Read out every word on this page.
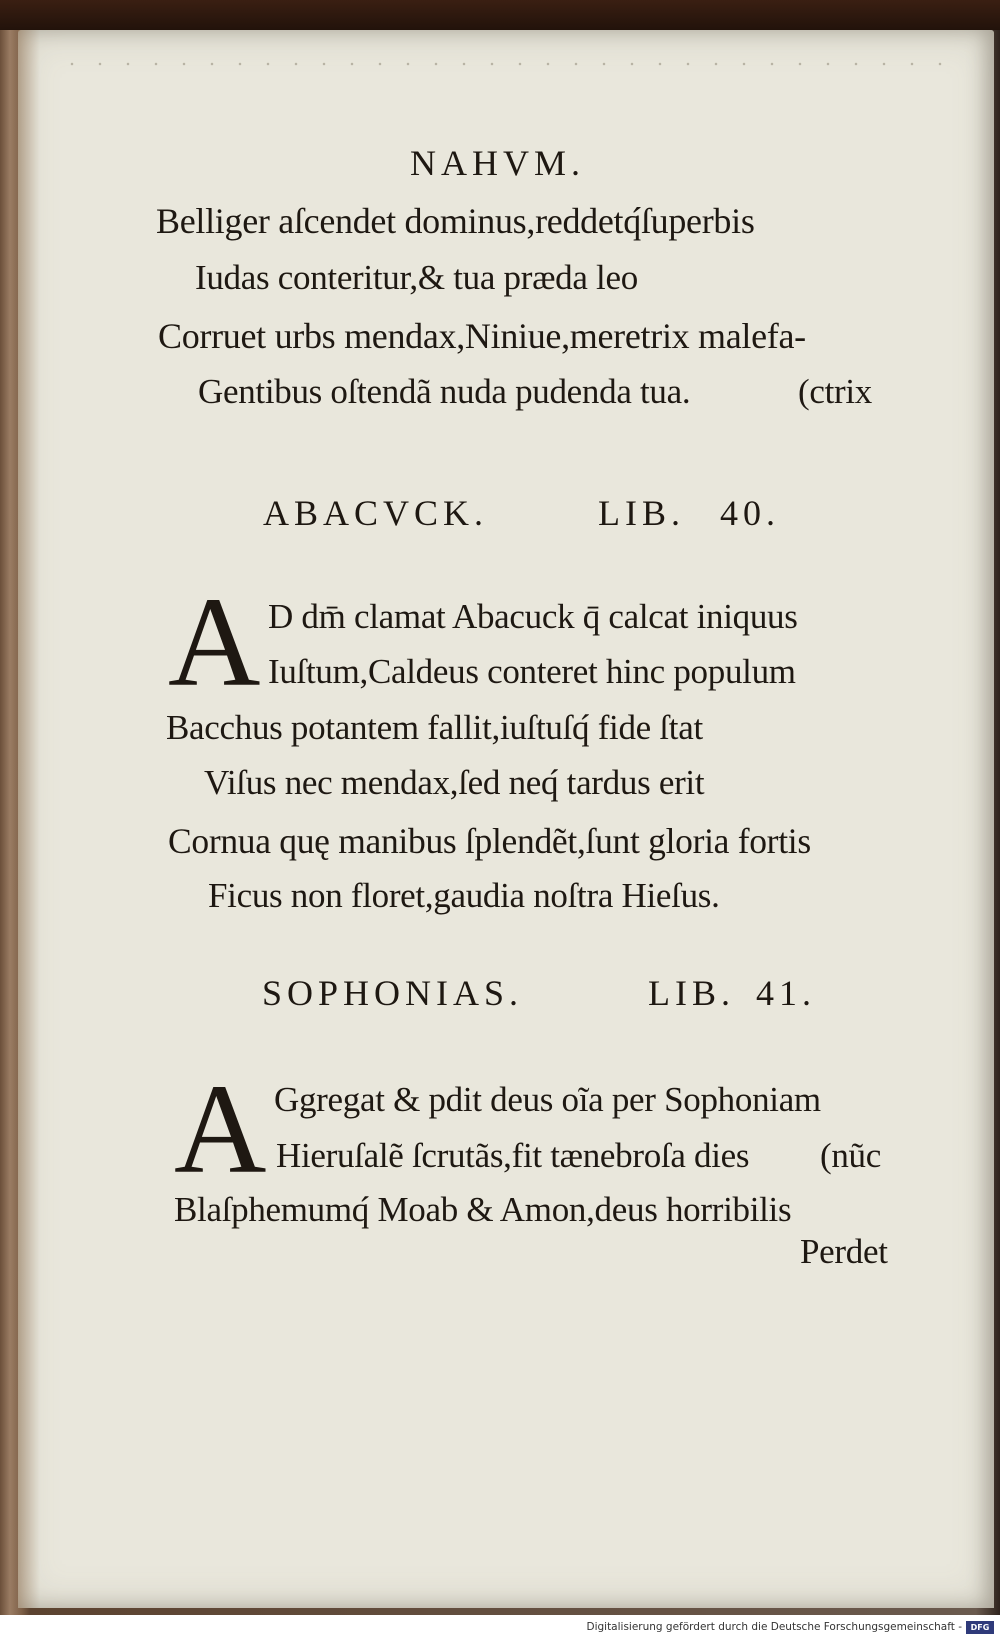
NAHVM.
Belliger aſcendet dominus,reddetq́ſuperbis
Iudas conteritur,& tua præda leo
Corruet urbs mendax,Niniue,meretrix malefa-
Gentibus oſtendã nuda pudenda tua.	(ctrix
ABACVCK.	LIB. 40.
A D dm̄ clamat Abacuck q̄ calcat iniquus
Iuſtum,Caldeus conteret hinc populum
Bacchus potantem fallit,iuſtuſq́ fide ſtat
Viſus nec mendax,ſed neq́ tardus erit
Cornua quę manibus ſplendẽt,ſunt gloria fortis
Ficus non floret,gaudia noſtra Hieſus.
SOPHONIAS.	LIB. 41.
A Ggregat & pdit deus oĩa per Sophoniam
Hieruſalẽ ſcrutãs,fit tænebroſa dies (nũc
Blaſphemumq́ Moab & Amon,deus horribilis
Perdet
Digitalisierung gefördert durch die Deutsche Forschungsgemeinschaft -	DFG
